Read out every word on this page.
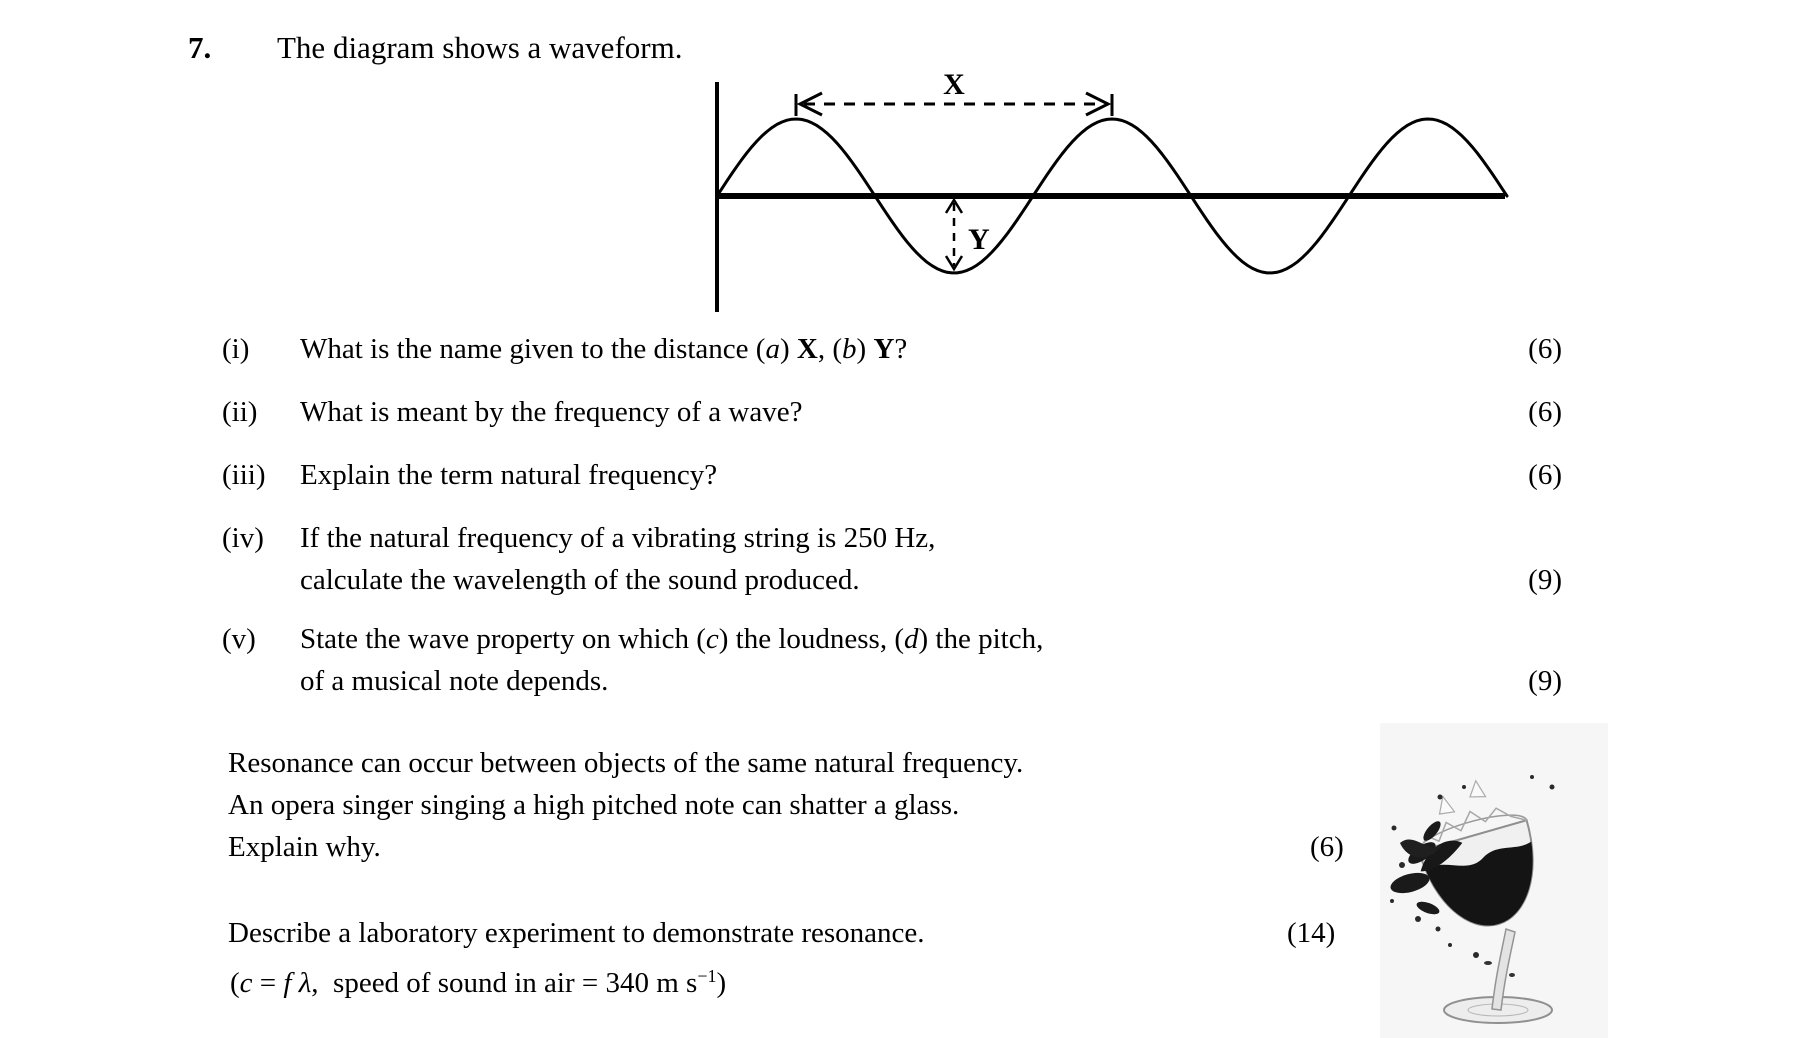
7. The diagram shows a waveform.
X
Y
(i) What is the name given to the distance (a) X, (b) Y?	(6)
(ii) What is meant by the frequency of a wave?	(6)
(iii) Explain the term natural frequency?	(6)
(iv) If the natural frequency of a vibrating string is 250 Hz,
calculate the wavelength of the sound produced.	(9)
(v) State the wave property on which (c) the loudness, (d) the pitch,
of a musical note depends.	(9)
Resonance can occur between objects of the same natural frequency.
An opera singer singing a high pitched note can shatter a glass.
Explain why.	(6)
Describe a laboratory experiment to demonstrate resonance.	(14)
(c = f λ,  speed of sound in air = 340 m $s^{-1}$)
